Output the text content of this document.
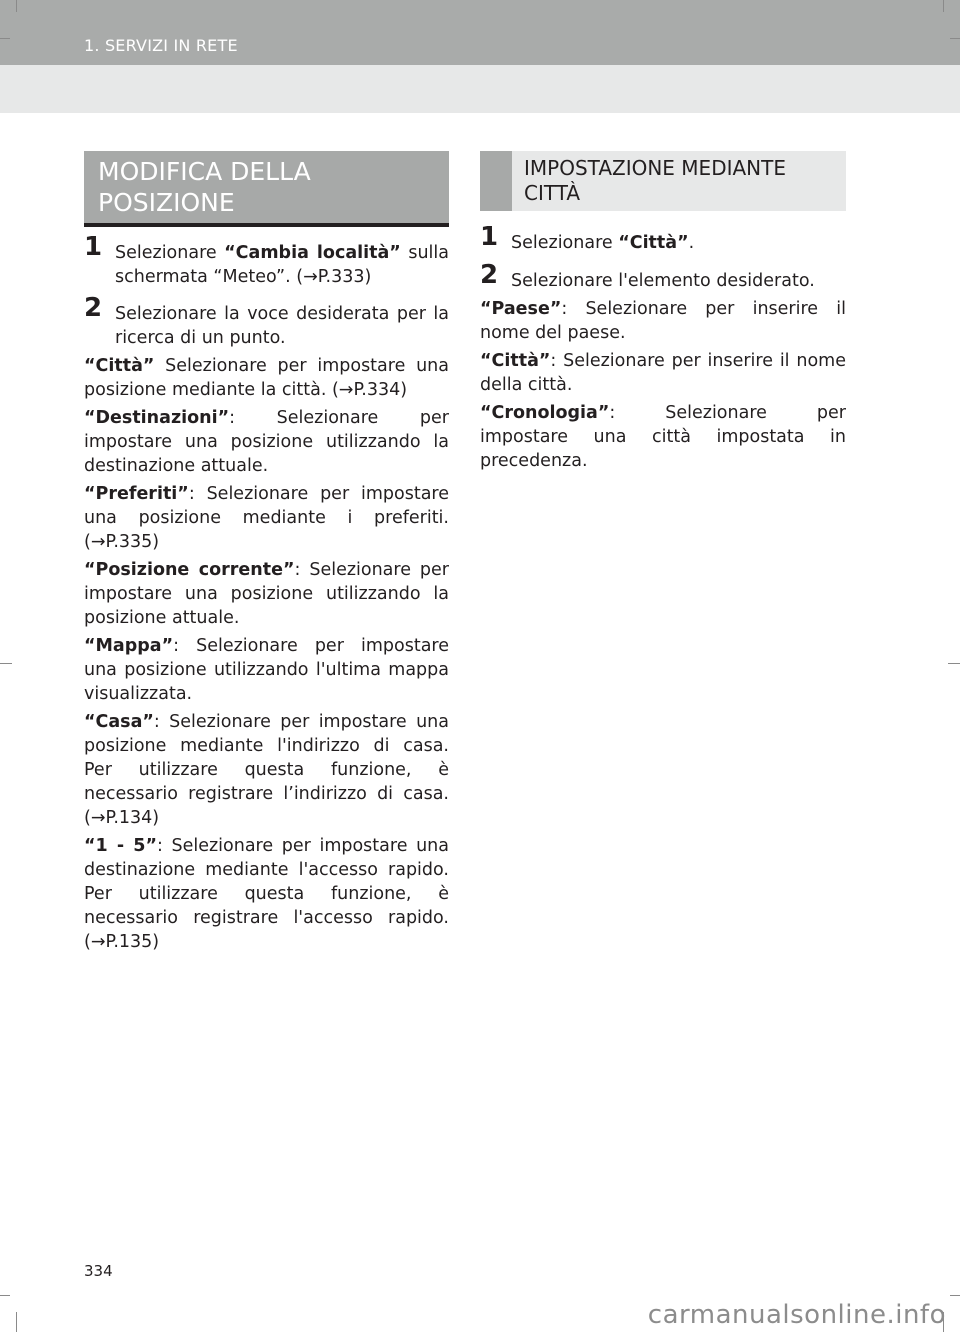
1. SERVIZI IN RETE
MODIFICA DELLA
POSIZIONE
1 Selezionare “Cambia località” sulla schermata “Meteo”. (→P.333)
2 Selezionare la voce desiderata per la ricerca di un punto.
“Città” Selezionare per impostare una posizione mediante la città. (→P.334)
“Destinazioni”: Selezionare per impostare una posizione utilizzando la destinazione attuale.
“Preferiti”: Selezionare per impostare una posizione mediante i preferiti. (→P.335)
“Posizione corrente”: Selezionare per impostare una posizione utilizzando la posizione attuale.
“Mappa”: Selezionare per impostare una posizione utilizzando l'ultima mappa visualizzata.
“Casa”: Selezionare per impostare una posizione mediante l'indirizzo di casa. Per utilizzare questa funzione, è necessario registrare l’indirizzo di casa. (→P.134)
“1 - 5”: Selezionare per impostare una destinazione mediante l'accesso rapido. Per utilizzare questa funzione, è necessario registrare l'accesso rapido. (→P.135)
IMPOSTAZIONE MEDIANTE
CITTÀ
1 Selezionare “Città”.
2 Selezionare l'elemento desiderato.
“Paese”: Selezionare per inserire il nome del paese.
“Città”: Selezionare per inserire il nome della città.
“Cronologia”: Selezionare per impostare una città impostata in precedenza.
334
carmanualsonline.info
